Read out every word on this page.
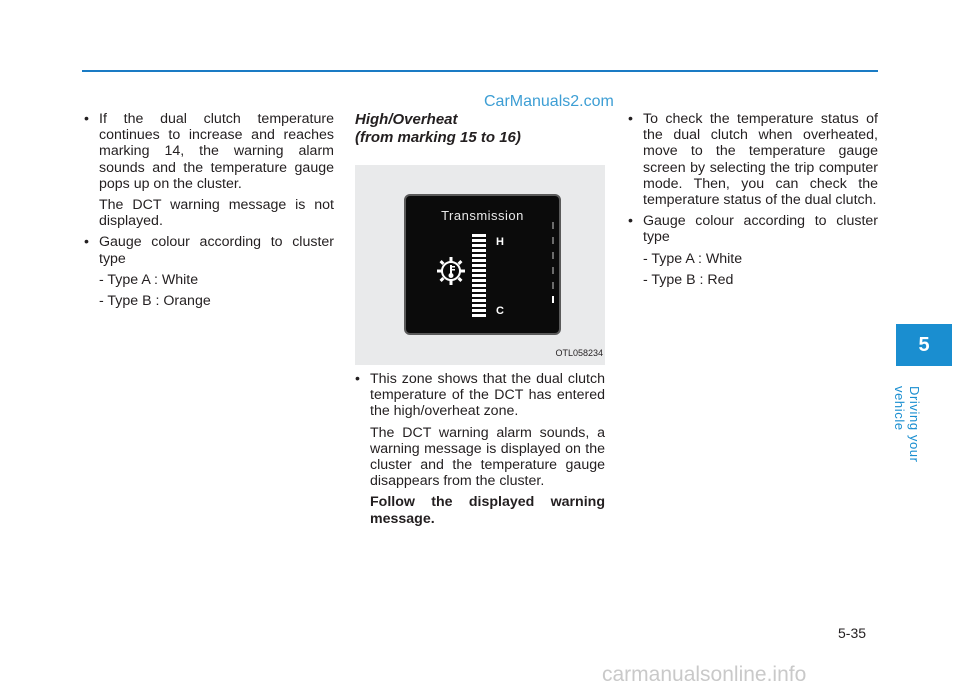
CarManuals2.com
• If the dual clutch temperature continues to increase and reaches marking 14, the warning alarm sounds and the temperature gauge pops up on the cluster.
The DCT warning message is not displayed.
• Gauge colour according to cluster type
- Type A : White
- Type B : Orange
High/Overheat
(from marking 15 to 16)
Transmission
H
C
OTL058234
• This zone shows that the dual clutch temperature of the DCT has entered the high/overheat zone.
The DCT warning alarm sounds, a warning message is displayed on the cluster and the temperature gauge disappears from the cluster.
Follow the displayed warning message.
• To check the temperature status of the dual clutch when overheated, move to the temperature gauge screen by selecting the trip computer mode. Then, you can check the temperature status of the dual clutch.
• Gauge colour according to cluster type
- Type A : White
- Type B : Red
5
Driving your vehicle
5-35
carmanualsonline.info
